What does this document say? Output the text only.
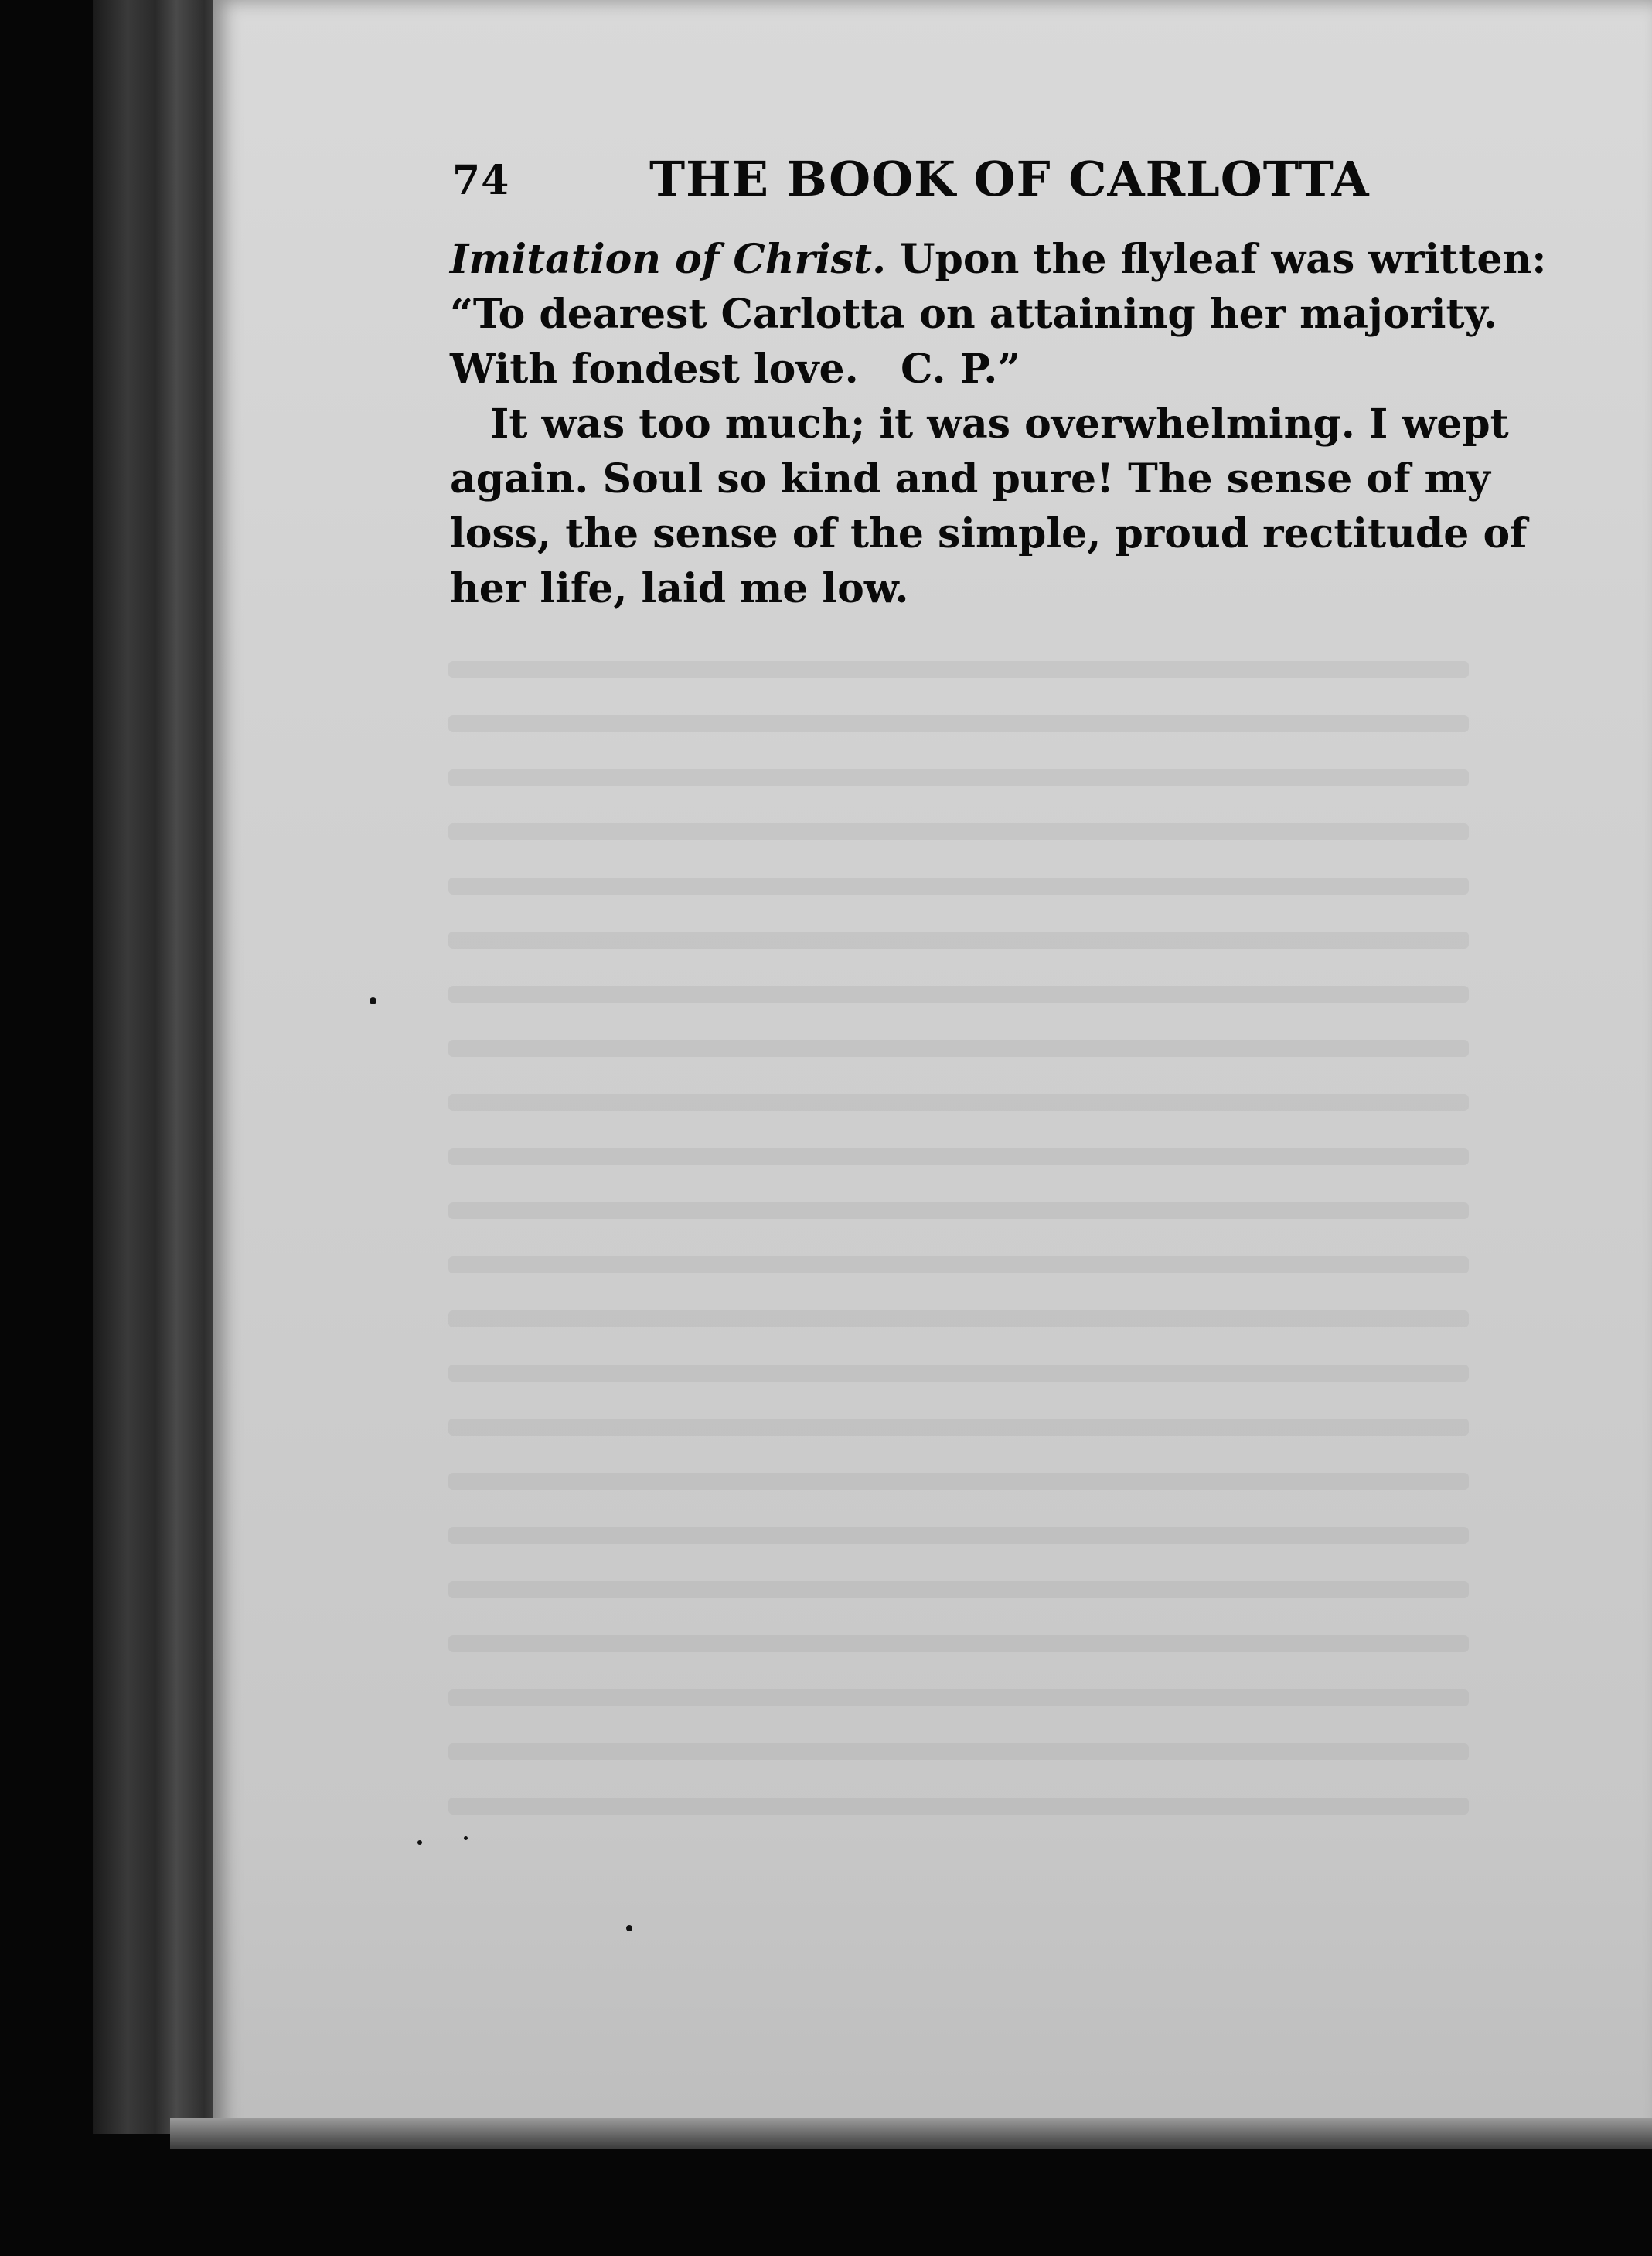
74	THE BOOK OF CARLOTTA
Imitation of Christ. Upon the flyleaf was written:
“To dearest Carlotta on attaining her majority.
With fondest love.   C. P.”
It was too much; it was overwhelming. I wept
again. Soul so kind and pure! The sense of my
loss, the sense of the simple, proud rectitude of
her life, laid me low.
